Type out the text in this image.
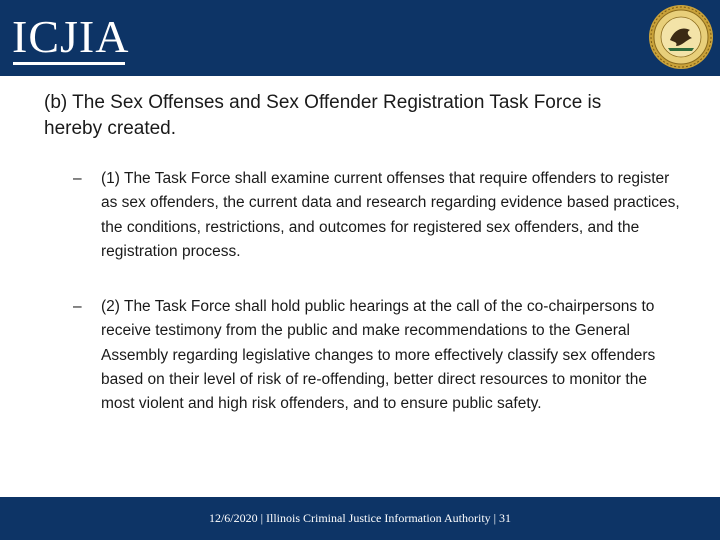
ICJIA
(b) The Sex Offenses and Sex Offender Registration Task Force is hereby created.
– (1) The Task Force shall examine current offenses that require offenders to register as sex offenders, the current data and research regarding evidence based practices, the conditions, restrictions, and outcomes for registered sex offenders, and the registration process.
– (2) The Task Force shall hold public hearings at the call of the co-chairpersons to receive testimony from the public and make recommendations to the General Assembly regarding legislative changes to more effectively classify sex offenders based on their level of risk of re-offending, better direct resources to monitor the most violent and high risk offenders, and to ensure public safety.
12/6/2020 | Illinois Criminal Justice Information Authority | 31
